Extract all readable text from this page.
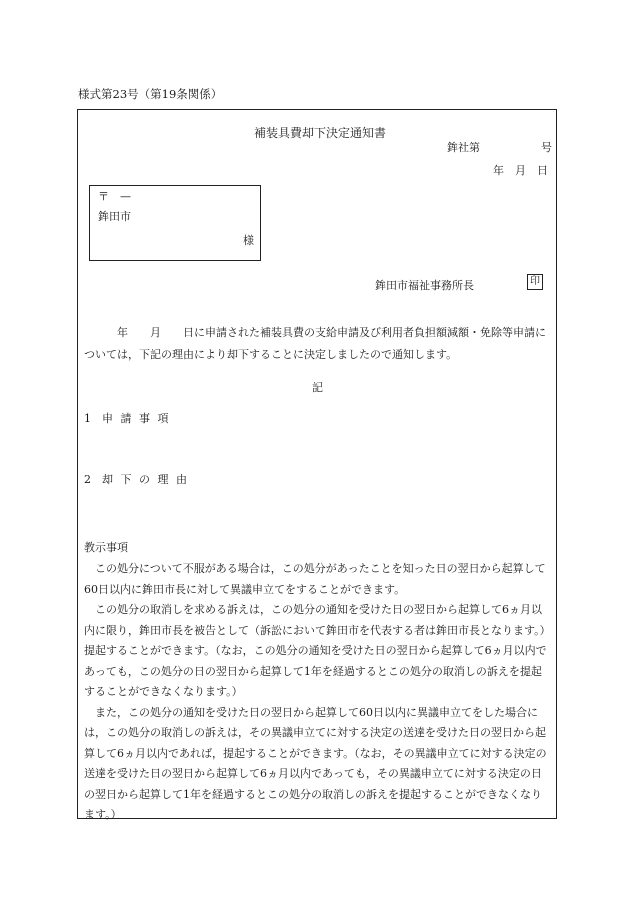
様式第23号（第19条関係）
補装具費却下決定通知書
鉾社第	号
年　月　日
〒　—
鉾田市
様
鉾田市福祉事務所長	印
　　　年　　月　　日に申請された補装具費の支給申請及び利用者負担額減額・免除等申請については，下記の理由により却下することに決定しましたので通知します。
記
1　申 請 事 項
2　却 下 の 理 由
教示事項

この処分について不服がある場合は，この処分があったことを知った日の翌日から起算して60日以内に鉾田市長に対して異議申立てをすることができます。

この処分の取消しを求める訴えは，この処分の通知を受けた日の翌日から起算して6ヵ月以内に限り，鉾田市長を被告として（訴訟において鉾田市を代表する者は鉾田市長となります。）提起することができます。（なお，この処分の通知を受けた日の翌日から起算して6ヵ月以内であっても，この処分の日の翌日から起算して1年を経過するとこの処分の取消しの訴えを提起することができなくなります。）

また，この処分の通知を受けた日の翌日から起算して60日以内に異議申立てをした場合には，この処分の取消しの訴えは，その異議申立てに対する決定の送達を受けた日の翌日から起算して6ヵ月以内であれば，提起することができます。（なお，その異議申立てに対する決定の送達を受けた日の翌日から起算して6ヵ月以内であっても，その異議申立てに対する決定の日の翌日から起算して1年を経過するとこの処分の取消しの訴えを提起することができなくなります。）
